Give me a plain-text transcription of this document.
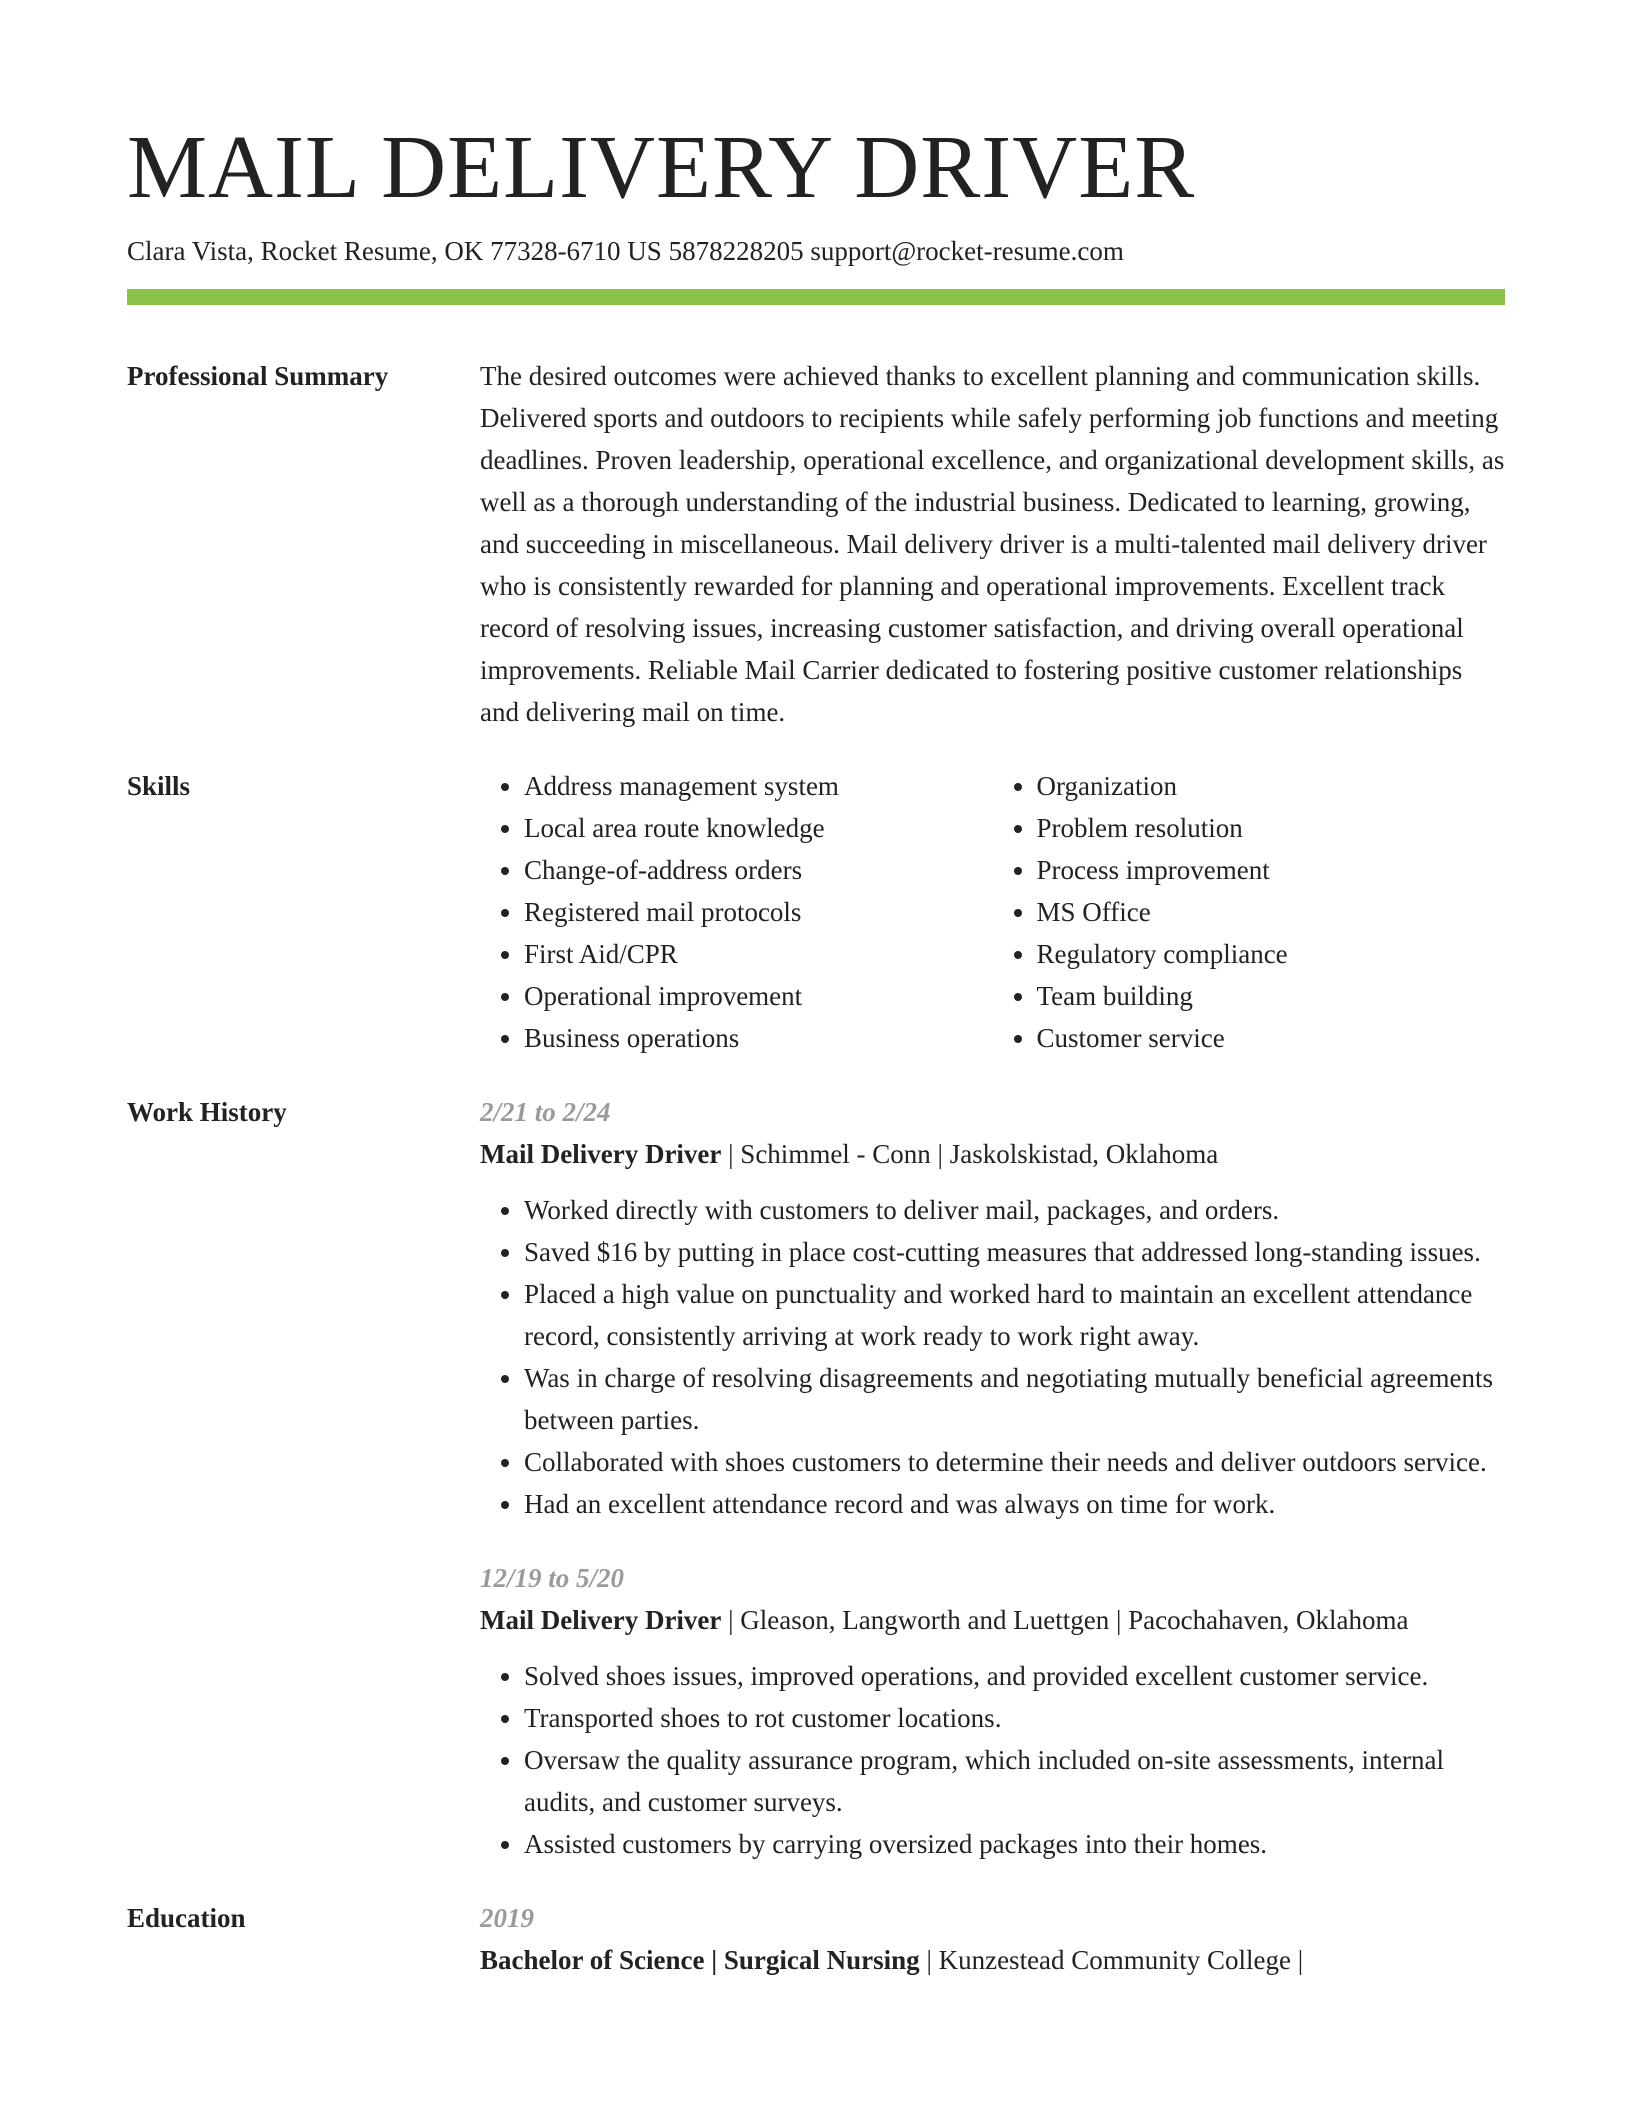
MAIL DELIVERY DRIVER
Clara Vista, Rocket Resume, OK 77328-6710 US 5878228205 support@rocket-resume.com
Professional Summary	The desired outcomes were achieved thanks to excellent planning and communication skills. Delivered sports and outdoors to recipients while safely performing job functions and meeting deadlines. Proven leadership, operational excellence, and organizational development skills, as well as a thorough understanding of the industrial business. Dedicated to learning, growing, and succeeding in miscellaneous. Mail delivery driver is a multi-talented mail delivery driver who is consistently rewarded for planning and operational improvements. Excellent track record of resolving issues, increasing customer satisfaction, and driving overall operational improvements. Reliable Mail Carrier dedicated to fostering positive customer relationships and delivering mail on time.

Skills
•	Address management system
• Local area route knowledge
• Change-of-address orders
• Registered mail protocols
• First Aid/CPR
• Operational improvement
• Business operations
• Organization
• Problem resolution
• Process improvement
• MS Office
• Regulatory compliance
• Team building
• Customer service
Work History	2/21 to 2/24
Mail Delivery Driver | Schimmel - Conn | Jaskolskistad, Oklahoma
• Worked directly with customers to deliver mail, packages, and orders.
• Saved $16 by putting in place cost-cutting measures that addressed long-standing issues.
• Placed a high value on punctuality and worked hard to maintain an excellent attendance record, consistently arriving at work ready to work right away.
• Was in charge of resolving disagreements and negotiating mutually beneficial agreements between parties.
• Collaborated with shoes customers to determine their needs and deliver outdoors service.
• Had an excellent attendance record and was always on time for work.
12/19 to 5/20
Mail Delivery Driver | Gleason, Langworth and Luettgen | Pacochahaven, Oklahoma
• Solved shoes issues, improved operations, and provided excellent customer service.
• Transported shoes to rot customer locations.
• Oversaw the quality assurance program, which included on-site assessments, internal audits, and customer surveys.
• Assisted customers by carrying oversized packages into their homes.
Education	2019
Bachelor of Science | Surgical Nursing | Kunzestead Community College |
